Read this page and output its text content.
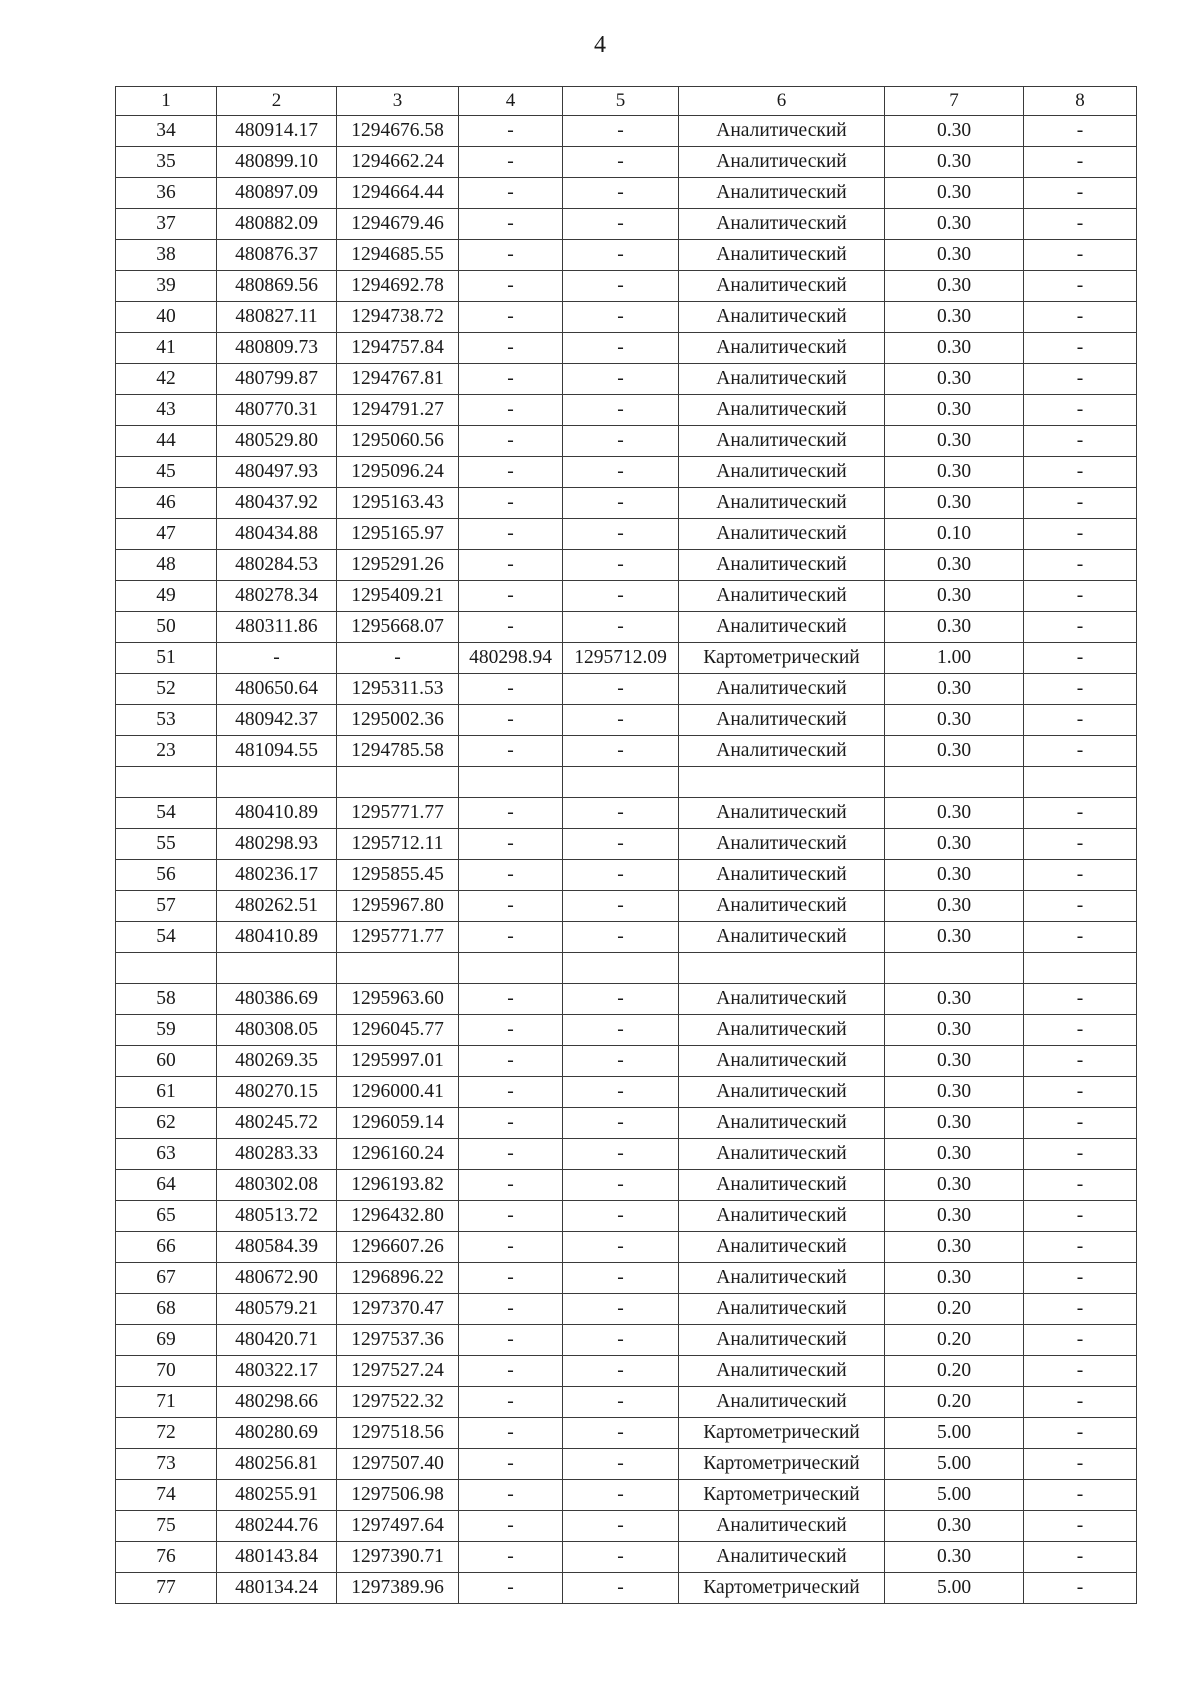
4
1	2	3	4	5	6	7	8
34	480914.17	1294676.58	-	-	Аналитический	0.30	-
35	480899.10	1294662.24	-	-	Аналитический	0.30	-
36	480897.09	1294664.44	-	-	Аналитический	0.30	-
37	480882.09	1294679.46	-	-	Аналитический	0.30	-
38	480876.37	1294685.55	-	-	Аналитический	0.30	-
39	480869.56	1294692.78	-	-	Аналитический	0.30	-
40	480827.11	1294738.72	-	-	Аналитический	0.30	-
41	480809.73	1294757.84	-	-	Аналитический	0.30	-
42	480799.87	1294767.81	-	-	Аналитический	0.30	-
43	480770.31	1294791.27	-	-	Аналитический	0.30	-
44	480529.80	1295060.56	-	-	Аналитический	0.30	-
45	480497.93	1295096.24	-	-	Аналитический	0.30	-
46	480437.92	1295163.43	-	-	Аналитический	0.30	-
47	480434.88	1295165.97	-	-	Аналитический	0.10	-
48	480284.53	1295291.26	-	-	Аналитический	0.30	-
49	480278.34	1295409.21	-	-	Аналитический	0.30	-
50	480311.86	1295668.07	-	-	Аналитический	0.30	-
51	-	-	480298.94	1295712.09	Картометрический	1.00	-
52	480650.64	1295311.53	-	-	Аналитический	0.30	-
53	480942.37	1295002.36	-	-	Аналитический	0.30	-
23	481094.55	1294785.58	-	-	Аналитический	0.30	-

54	480410.89	1295771.77	-	-	Аналитический	0.30	-
55	480298.93	1295712.11	-	-	Аналитический	0.30	-
56	480236.17	1295855.45	-	-	Аналитический	0.30	-
57	480262.51	1295967.80	-	-	Аналитический	0.30	-
54	480410.89	1295771.77	-	-	Аналитический	0.30	-

58	480386.69	1295963.60	-	-	Аналитический	0.30	-
59	480308.05	1296045.77	-	-	Аналитический	0.30	-
60	480269.35	1295997.01	-	-	Аналитический	0.30	-
61	480270.15	1296000.41	-	-	Аналитический	0.30	-
62	480245.72	1296059.14	-	-	Аналитический	0.30	-
63	480283.33	1296160.24	-	-	Аналитический	0.30	-
64	480302.08	1296193.82	-	-	Аналитический	0.30	-
65	480513.72	1296432.80	-	-	Аналитический	0.30	-
66	480584.39	1296607.26	-	-	Аналитический	0.30	-
67	480672.90	1296896.22	-	-	Аналитический	0.30	-
68	480579.21	1297370.47	-	-	Аналитический	0.20	-
69	480420.71	1297537.36	-	-	Аналитический	0.20	-
70	480322.17	1297527.24	-	-	Аналитический	0.20	-
71	480298.66	1297522.32	-	-	Аналитический	0.20	-
72	480280.69	1297518.56	-	-	Картометрический	5.00	-
73	480256.81	1297507.40	-	-	Картометрический	5.00	-
74	480255.91	1297506.98	-	-	Картометрический	5.00	-
75	480244.76	1297497.64	-	-	Аналитический	0.30	-
76	480143.84	1297390.71	-	-	Аналитический	0.30	-
77	480134.24	1297389.96	-	-	Картометрический	5.00	-
